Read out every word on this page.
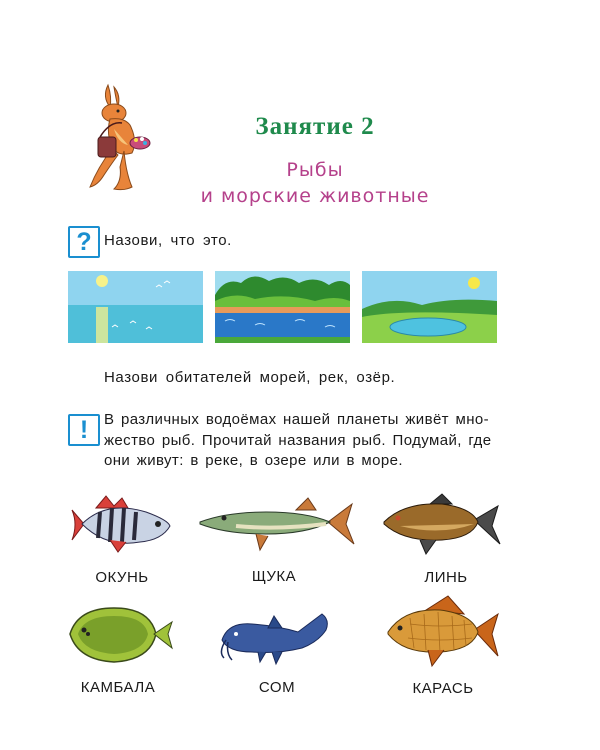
Занятие 2
Рыбы
и морские животные
? Назови, что это.
Назови обитателей морей, рек, озёр.
!	В различных водоёмах нашей планеты живёт мно-
жество рыб. Прочитай названия рыб. Подумай, где
они живут: в реке, в озере или в море.
ОКУНЬ	ЩУКА	ЛИНЬ
КАМБАЛА	СОМ	КАРАСЬ
